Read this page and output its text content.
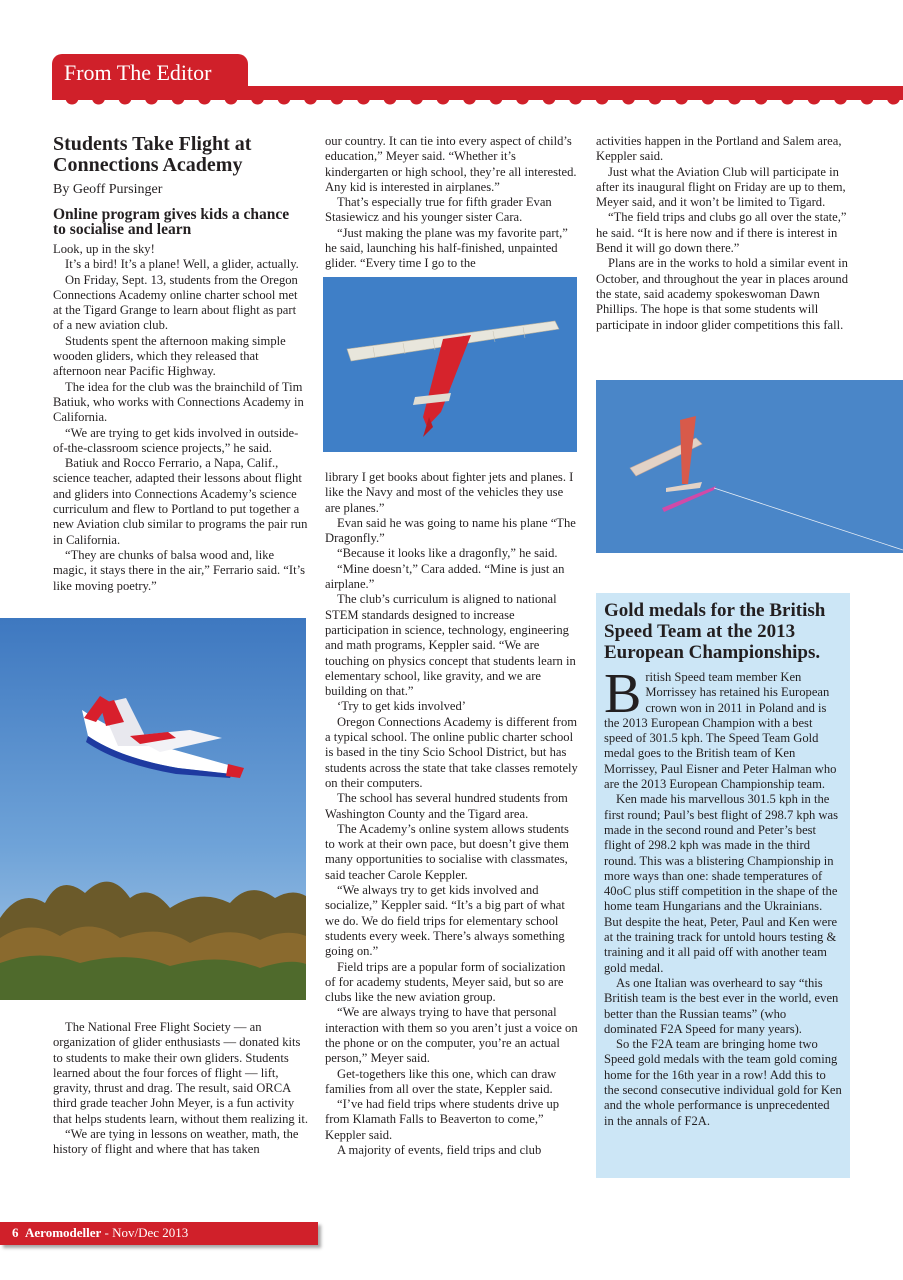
From The Editor
Students Take Flight at
Connections Academy
By Geoff Pursinger
Online program gives kids a chance
to socialise and learn

Look, up in the sky!

It’s a bird! It’s a plane! Well, a glider, actually.

On Friday, Sept. 13, students from the Oregon Connections Academy online charter school met at the Tigard Grange to learn about flight as part of a new aviation club.

Students spent the afternoon making simple wooden gliders, which they released that afternoon near Pacific Highway.

The idea for the club was the brainchild of Tim Batiuk, who works with Connections Academy in California.

“We are trying to get kids involved in outside-of-the-classroom science projects,” he said.

Batiuk and Rocco Ferrario, a Napa, Calif., science teacher, adapted their lessons about flight and gliders into Connections Academy’s science curriculum and flew to Portland to put together a new Aviation club similar to programs the pair run in California.

“They are chunks of balsa wood and, like magic, it stays there in the air,” Ferrario said. “It’s like moving poetry.”

The National Free Flight Society — an organization of glider enthusiasts — donated kits to students to make their own gliders. Students learned about the four forces of flight — lift, gravity, thrust and drag. The result, said ORCA third grade teacher John Meyer, is a fun activity that helps students learn, without them realizing it.

“We are tying in lessons on weather, math, the history of flight and where that has taken

our country. It can tie into every aspect of child’s education,” Meyer said. “Whether it’s kindergarten or high school, they’re all interested. Any kid is interested in airplanes.”

That’s especially true for fifth grader Evan Stasiewicz and his younger sister Cara.

“Just making the plane was my favorite part,” he said, launching his half-finished, unpainted glider. “Every time I go to the

library I get books about fighter jets and planes. I like the Navy and most of the vehicles they use are planes.”

Evan said he was going to name his plane “The Dragonfly.”

“Because it looks like a dragonfly,” he said.

“Mine doesn’t,” Cara added. “Mine is just an airplane.”

The club’s curriculum is aligned to national STEM standards designed to increase participation in science, technology, engineering and math programs, Keppler said. “We are touching on physics concept that students learn in elementary school, like gravity, and we are building on that.”

‘Try to get kids involved’

Oregon Connections Academy is different from a typical school. The online public charter school is based in the tiny Scio School District, but has students across the state that take classes remotely on their computers.

The school has several hundred students from Washington County and the Tigard area.

The Academy’s online system allows students to work at their own pace, but doesn’t give them many opportunities to socialise with classmates, said teacher Carole Keppler.

“We always try to get kids involved and socialize,” Keppler said. “It’s a big part of what we do. We do field trips for elementary school students every week. There’s always something going on.”

Field trips are a popular form of socialization of for academy students, Meyer said, but so are clubs like the new aviation group.

“We are always trying to have that personal interaction with them so you aren’t just a voice on the phone or on the computer, you’re an actual person,” Meyer said.

Get-togethers like this one, which can draw families from all over the state, Keppler said.

“I’ve had field trips where students drive up from Klamath Falls to Beaverton to come,” Keppler said.

A majority of events, field trips and club

activities happen in the Portland and Salem area, Keppler said.

Just what the Aviation Club will participate in after its inaugural flight on Friday are up to them, Meyer said, and it won’t be limited to Tigard.

“The field trips and clubs go all over the state,” he said. “It is here now and if there is interest in Bend it will go down there.”

Plans are in the works to hold a similar event in October, and throughout the year in places around the state, said academy spokeswoman Dawn Phillips. The hope is that some students will participate in indoor glider competitions this fall.

Gold medals for the British Speed Team at the 2013 European Championships.

British Speed team member Ken Morrissey has retained his European crown won in 2011 in Poland and is the 2013 European Champion with a best speed of 301.5 kph. The Speed Team Gold medal goes to the British team of Ken Morrissey, Paul Eisner and Peter Halman who are the 2013 European Championship team.

Ken made his marvellous 301.5 kph in the first round; Paul’s best flight of 298.7 kph was made in the second round and Peter’s best flight of 298.2 kph was made in the third round. This was a blistering Championship in more ways than one: shade temperatures of 40oC plus stiff competition in the shape of the home team Hungarians and the Ukrainians. But despite the heat, Peter, Paul and Ken were at the training track for untold hours testing & training and it all paid off with another team gold medal.

As one Italian was overheard to say “this British team is the best ever in the world, even better than the Russian teams” (who dominated F2A Speed for many years).

So the F2A team are bringing home two Speed gold medals with the team gold coming home for the 16th year in a row! Add this to the second consecutive individual gold for Ken and the whole performance is unprecedented in the annals of F2A.

6 Aeromodeller - Nov/Dec 2013
